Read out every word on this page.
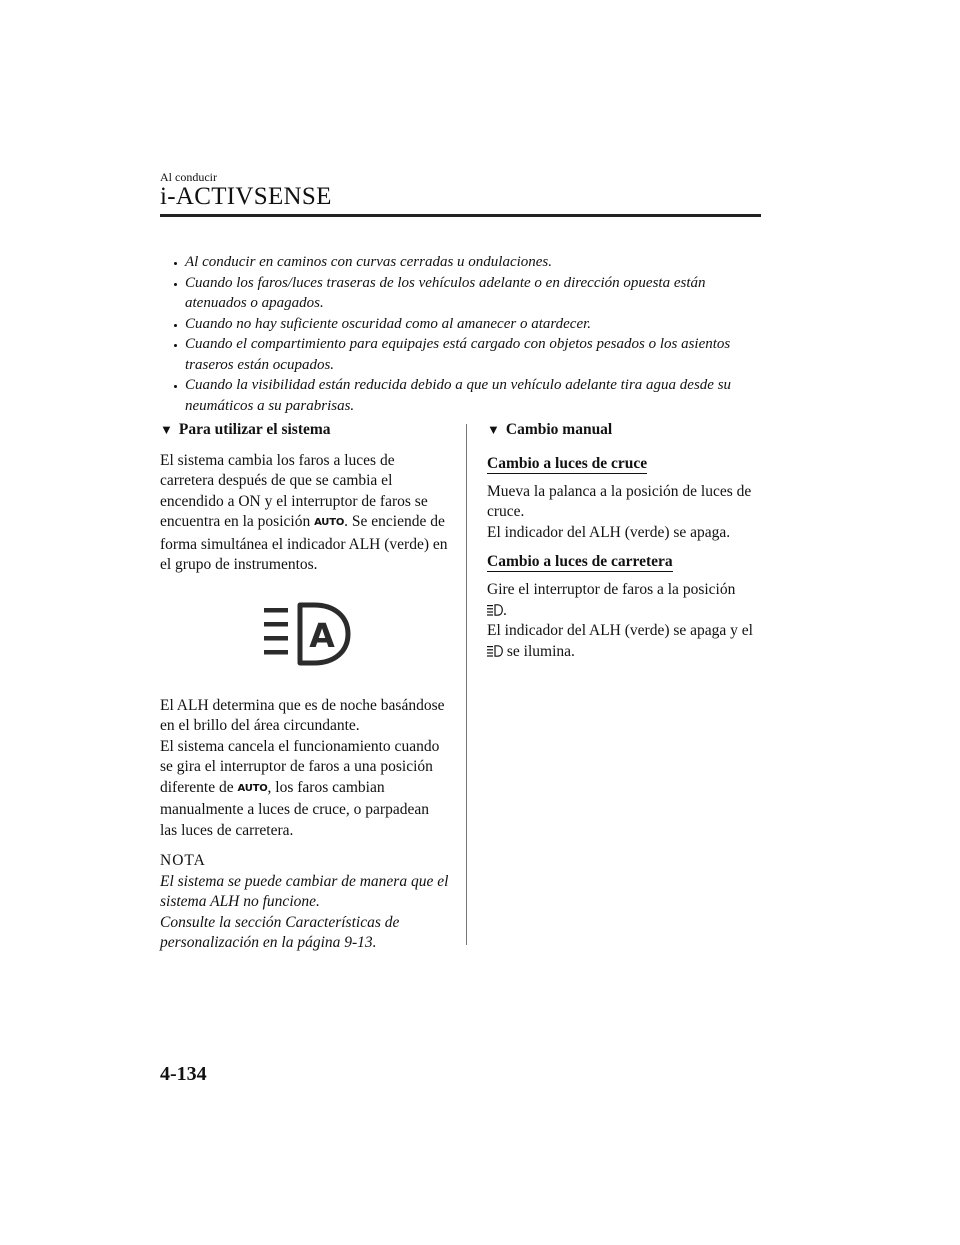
Al conducir
i-ACTIVSENSE
Al conducir en caminos con curvas cerradas u ondulaciones.
Cuando los faros/luces traseras de los vehículos adelante o en dirección opuesta están atenuados o apagados.
Cuando no hay suficiente oscuridad como al amanecer o atardecer.
Cuando el compartimiento para equipajes está cargado con objetos pesados o los asientos traseros están ocupados.
Cuando la visibilidad están reducida debido a que un vehículo adelante tira agua desde su neumáticos a su parabrisas.
▼ Para utilizar el sistema

El sistema cambia los faros a luces de carretera después de que se cambia el encendido a ON y el interruptor de faros se encuentra en la posición AUTO. Se enciende de forma simultánea el indicador ALH (verde) en el grupo de instrumentos.

A

El ALH determina que es de noche basándose en el brillo del área circundante.

El sistema cancela el funcionamiento cuando se gira el interruptor de faros a una posición diferente de AUTO, los faros cambian manualmente a luces de cruce, o parpadean las luces de carretera.

NOTA

El sistema se puede cambiar de manera que el sistema ALH no funcione.

Consulte la sección Características de personalización en la página 9-13.

▼ Cambio manual
Cambio a luces de cruce

Mueva la palanca a la posición de luces de cruce.

El indicador del ALH (verde) se apaga.

Cambio a luces de carretera

Gire el interruptor de faros a la posición
.

El indicador del ALH (verde) se apaga y el
se ilumina.

4-134
